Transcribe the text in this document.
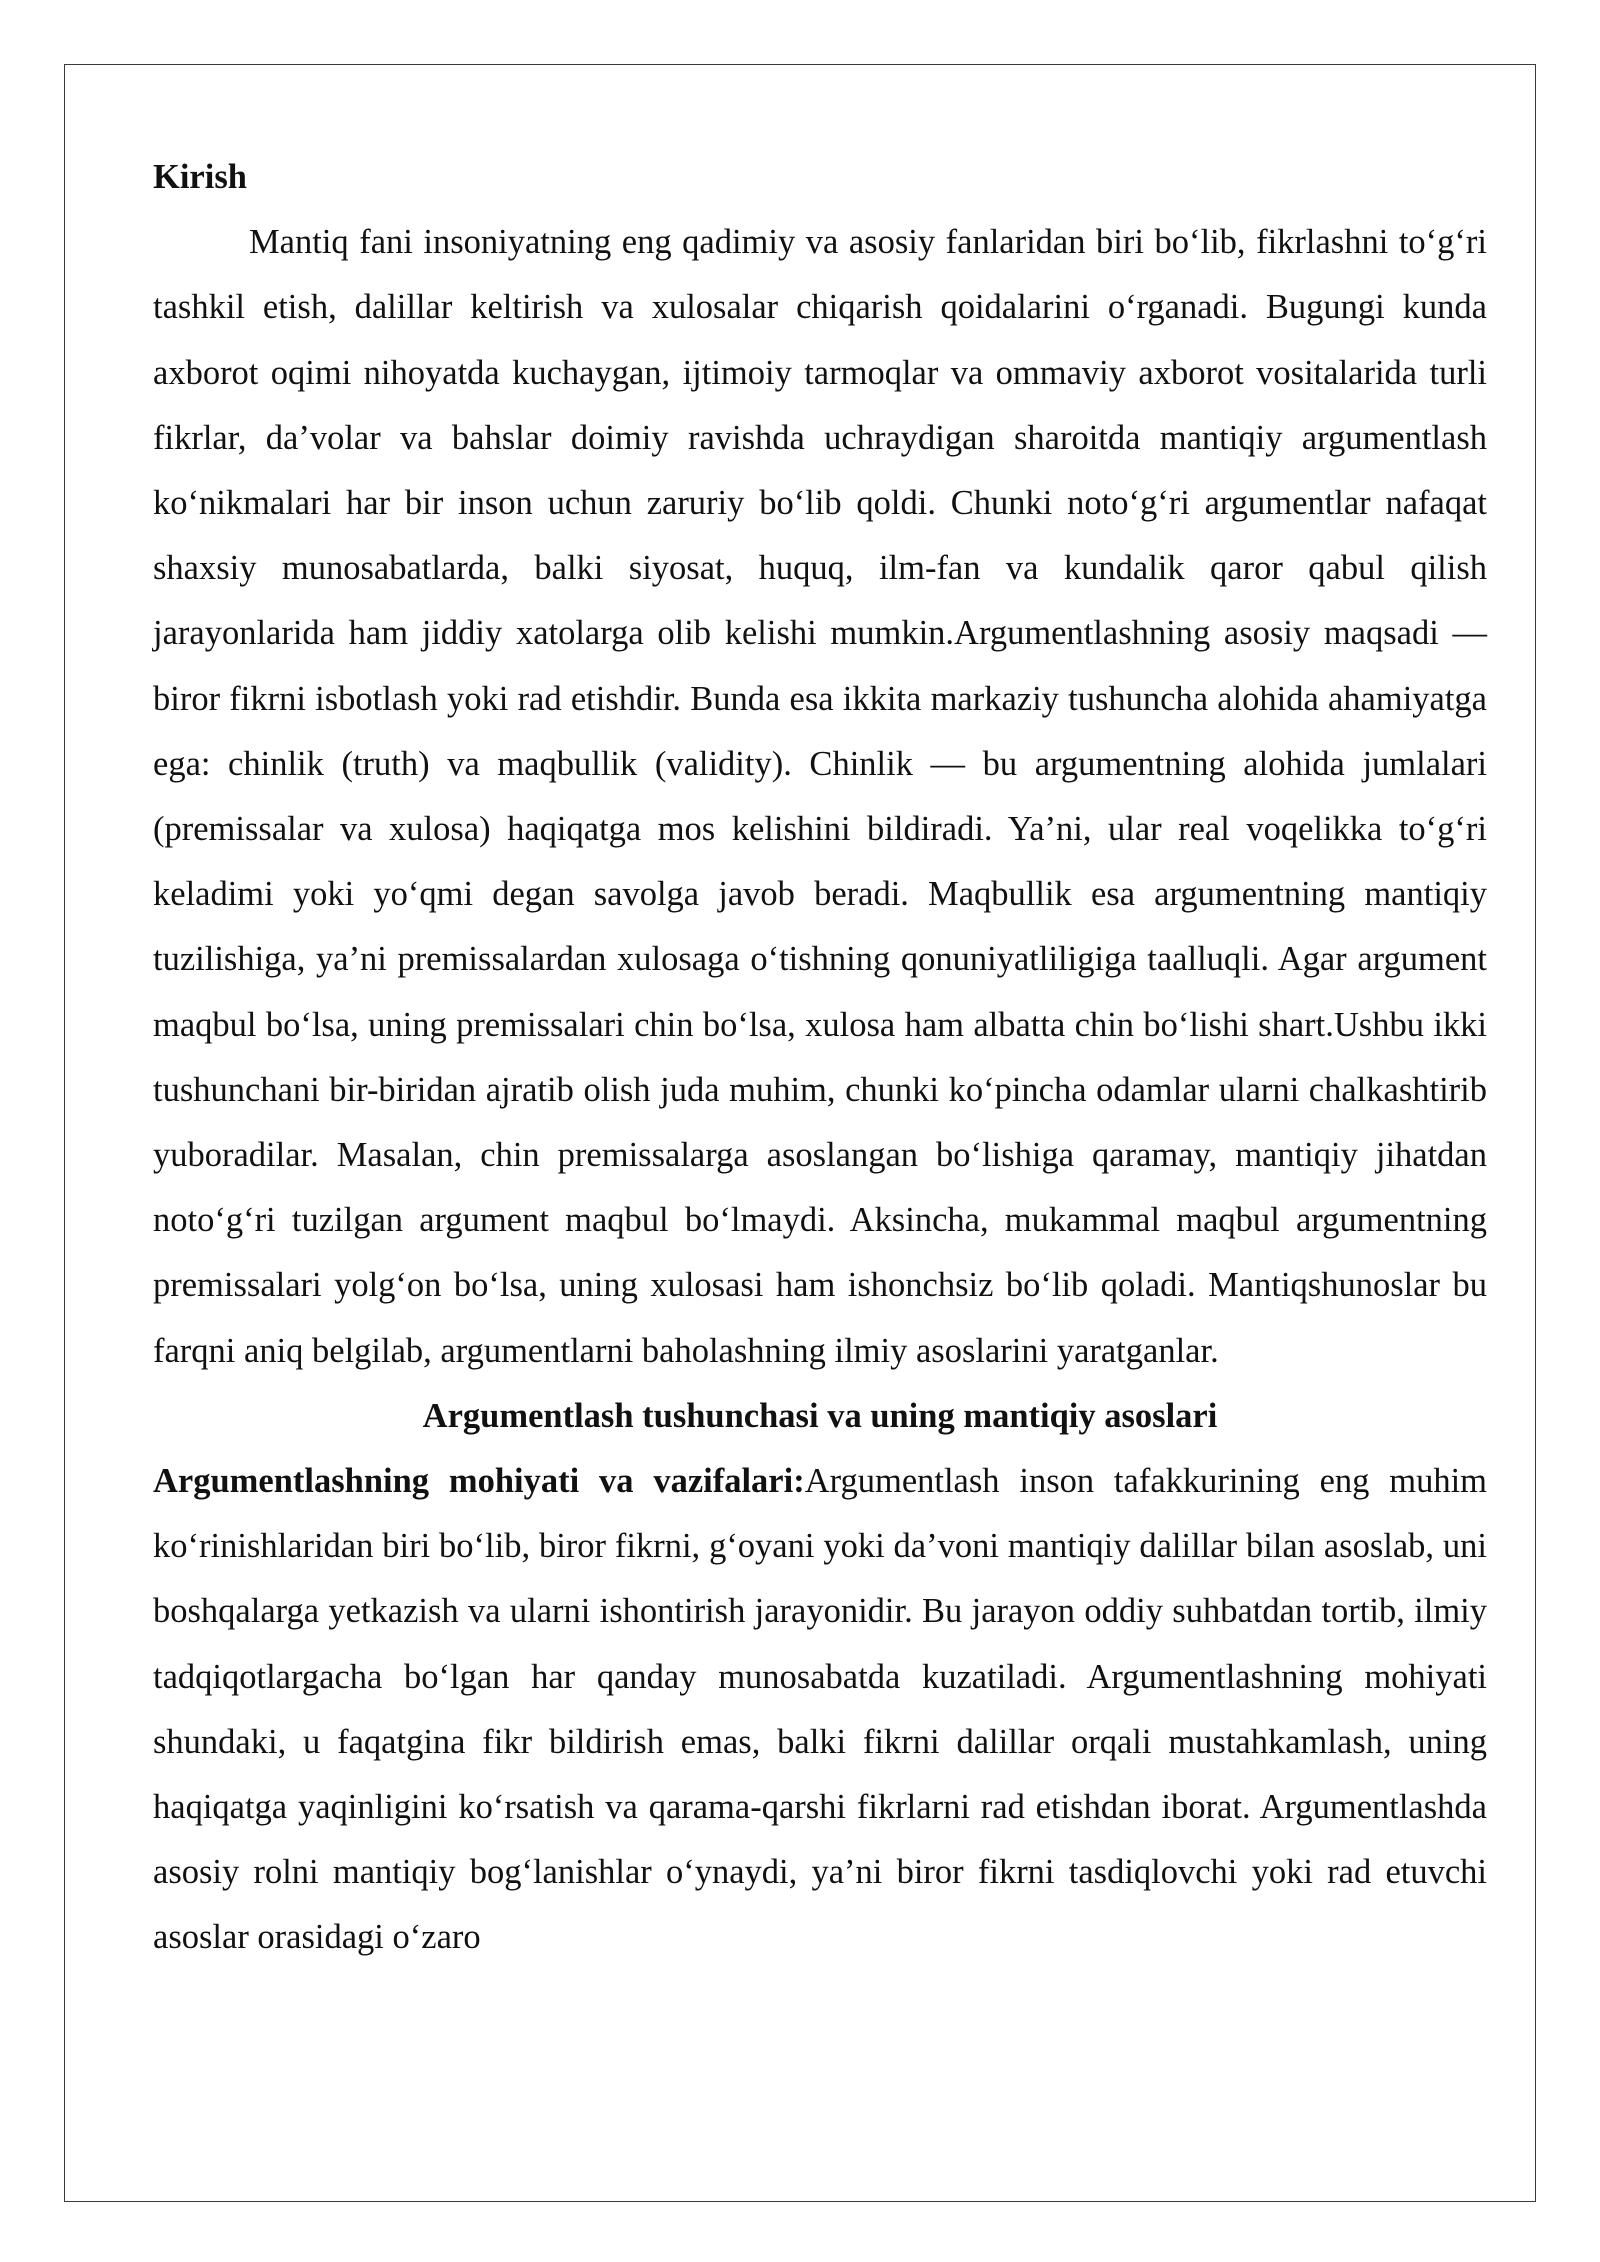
Kirish

Mantiq fani insoniyatning eng qadimiy va asosiy fanlaridan biri bo‘lib, fikrlashni to‘g‘ri tashkil etish, dalillar keltirish va xulosalar chiqarish qoidalarini o‘rganadi. Bugungi kunda axborot oqimi nihoyatda kuchaygan, ijtimoiy tarmoqlar va ommaviy axborot vositalarida turli fikrlar, da’volar va bahslar doimiy ravishda uchraydigan sharoitda mantiqiy argumentlash ko‘nikmalari har bir inson uchun zaruriy bo‘lib qoldi. Chunki noto‘g‘ri argumentlar nafaqat shaxsiy munosabatlarda, balki siyosat, huquq, ilm-fan va kundalik qaror qabul qilish jarayonlarida ham jiddiy xatolarga olib kelishi mumkin.Argumentlashning asosiy maqsadi — biror fikrni isbotlash yoki rad etishdir. Bunda esa ikkita markaziy tushuncha alohida ahamiyatga ega: chinlik (truth) va maqbullik (validity). Chinlik — bu argumentning alohida jumlalari (premissalar va xulosa) haqiqatga mos kelishini bildiradi. Ya’ni, ular real voqelikka to‘g‘ri keladimi yoki yo‘qmi degan savolga javob beradi. Maqbullik esa argumentning mantiqiy tuzilishiga, ya’ni premissalardan xulosaga o‘tishning qonuniyatliligiga taalluqli. Agar argument maqbul bo‘lsa, uning premissalari chin bo‘lsa, xulosa ham albatta chin bo‘lishi shart.Ushbu ikki tushunchani bir-biridan ajratib olish juda muhim, chunki ko‘pincha odamlar ularni chalkashtirib yuboradilar. Masalan, chin premissalarga asoslangan bo‘lishiga qaramay, mantiqiy jihatdan noto‘g‘ri tuzilgan argument maqbul bo‘lmaydi. Aksincha, mukammal maqbul argumentning premissalari yolg‘on bo‘lsa, uning xulosasi ham ishonchsiz bo‘lib qoladi. Mantiqshunoslar bu farqni aniq belgilab, argumentlarni baholashning ilmiy asoslarini yaratganlar.

Argumentlash tushunchasi va uning mantiqiy asoslari

Argumentlashning mohiyati va vazifalari:Argumentlash inson tafakkurining eng muhim ko‘rinishlaridan biri bo‘lib, biror fikrni, g‘oyani yoki da’voni mantiqiy dalillar bilan asoslab, uni boshqalarga yetkazish va ularni ishontirish jarayonidir. Bu jarayon oddiy suhbatdan tortib, ilmiy tadqiqotlargacha bo‘lgan har qanday munosabatda kuzatiladi. Argumentlashning mohiyati shundaki, u faqatgina fikr bildirish emas, balki fikrni dalillar orqali mustahkamlash, uning haqiqatga yaqinligini ko‘rsatish va qarama-qarshi fikrlarni rad etishdan iborat. Argumentlashda asosiy rolni mantiqiy bog‘lanishlar o‘ynaydi, ya’ni biror fikrni tasdiqlovchi yoki rad etuvchi asoslar orasidagi o‘zaro
